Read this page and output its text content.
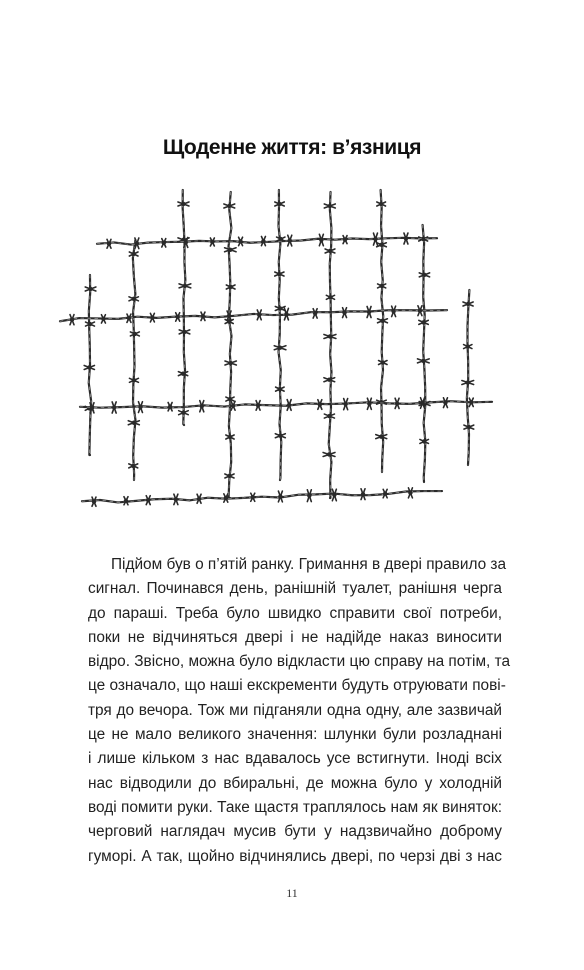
Щоденне життя: в’язниця
Підйом був о п’ятій ранку. Гримання в двері правило за
сигнал. Починався день, ранішній туалет, ранішня черга
до параші. Треба було швидко справити свої потреби,
поки не відчиняться двері і не надійде наказ виносити
відро. Звісно, можна було відкласти цю справу на потім, та
це означало, що наші екскременти будуть отруювати пові-
тря до вечора. Тож ми підганяли одна одну, але зазвичай
це не мало великого значення: шлунки були розладнані
і лише кільком з нас вдавалось усе встигнути. Іноді всіх
нас відводили до вбиральні, де можна було у холодній
воді помити руки. Таке щастя траплялось нам як виняток:
черговий наглядач мусив бути у надзвичайно доброму
гуморі. А так, щойно відчинялись двері, по черзі дві з нас
11
